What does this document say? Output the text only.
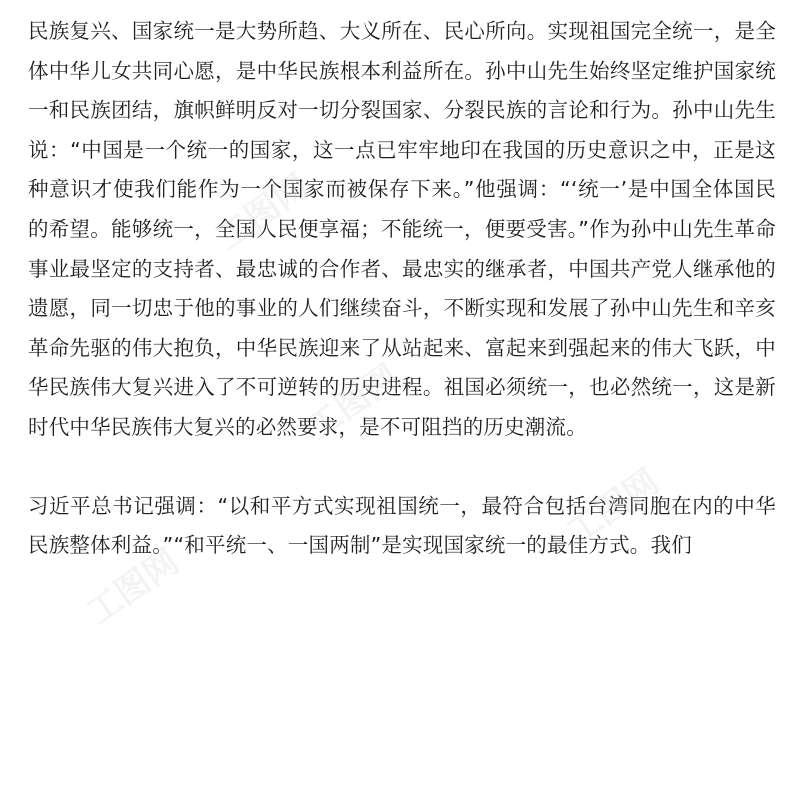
民族复兴、国家统一是大势所趋、大义所在、民心所向。实现祖国完全统一，是全体中华儿女共同心愿，是中华民族根本利益所在。孙中山先生始终坚定维护国家统一和民族团结，旗帜鲜明反对一切分裂国家、分裂民族的言论和行为。孙中山先生说：“中国是一个统一的国家，这一点已牢牢地印在我国的历史意识之中，正是这种意识才使我们能作为一个国家而被保存下来。”他强调：“‘统一’是中国全体国民的希望。能够统一，全国人民便享福；不能统一，便要受害。”作为孙中山先生革命事业最坚定的支持者、最忠诚的合作者、最忠实的继承者，中国共产党人继承他的遗愿，同一切忠于他的事业的人们继续奋斗，不断实现和发展了孙中山先生和辛亥革命先驱的伟大抱负，中华民族迎来了从站起来、富起来到强起来的伟大飞跃，中华民族伟大复兴进入了不可逆转的历史进程。祖国必须统一，也必然统一，这是新时代中华民族伟大复兴的必然要求，是不可阻挡的历史潮流。

习近平总书记强调：“以和平方式实现祖国统一，最符合包括台湾同胞在内的中华民族整体利益。”“和平统一、一国两制”是实现国家统一的最佳方式。我们

工图网
工图网
工图网
工图网
